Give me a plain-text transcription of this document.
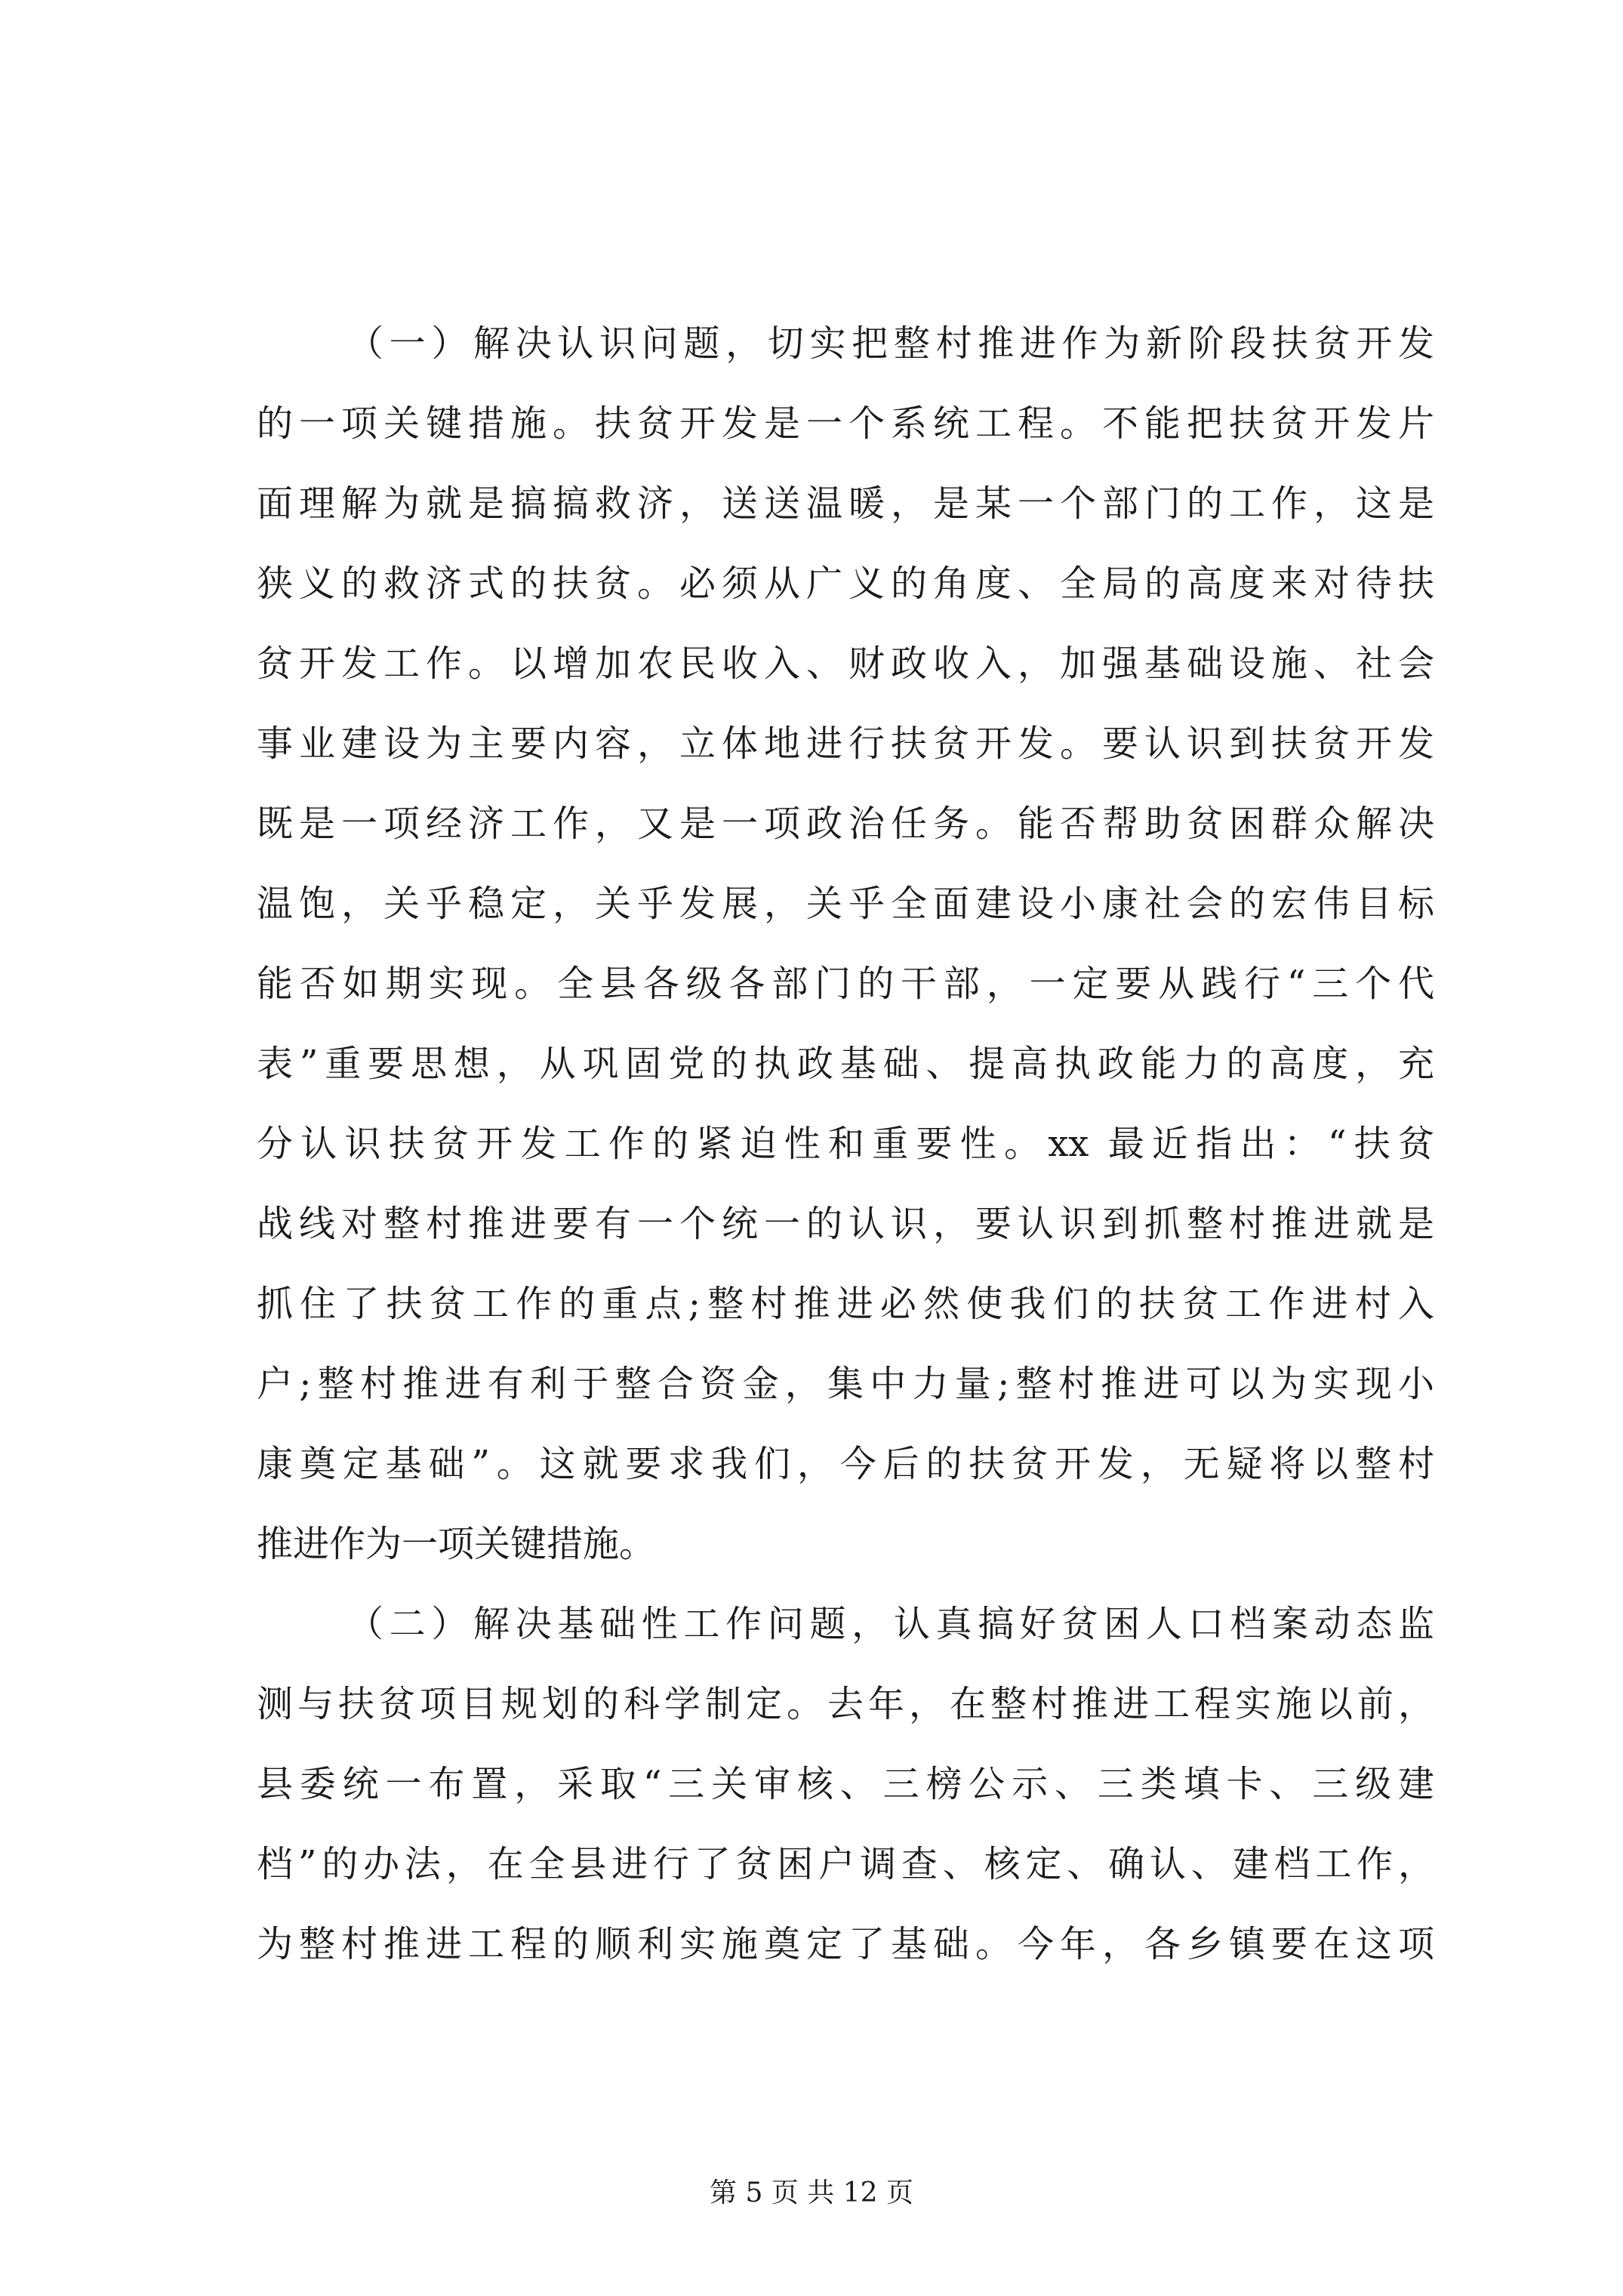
（一）解决认识问题，切实把整村推进作为新阶段扶贫开发
的一项关键措施。扶贫开发是一个系统工程。不能把扶贫开发片
面理解为就是搞搞救济，送送温暖，是某一个部门的工作，这是
狭义的救济式的扶贫。必须从广义的角度、全局的高度来对待扶
贫开发工作。以增加农民收入、财政收入，加强基础设施、社会
事业建设为主要内容，立体地进行扶贫开发。要认识到扶贫开发
既是一项经济工作，又是一项政治任务。能否帮助贫困群众解决
温饱，关乎稳定，关乎发展，关乎全面建设小康社会的宏伟目标
能否如期实现。全县各级各部门的干部，一定要从践行“三个代
表”重要思想，从巩固党的执政基础、提高执政能力的高度，充
分认识扶贫开发工作的紧迫性和重要性。xx 最近指出：“扶贫
战线对整村推进要有一个统一的认识，要认识到抓整村推进就是
抓住了扶贫工作的重点;整村推进必然使我们的扶贫工作进村入
户;整村推进有利于整合资金，集中力量;整村推进可以为实现小
康奠定基础”。这就要求我们，今后的扶贫开发，无疑将以整村
推进作为一项关键措施。
（二）解决基础性工作问题，认真搞好贫困人口档案动态监
测与扶贫项目规划的科学制定。去年，在整村推进工程实施以前，
县委统一布置，采取“三关审核、三榜公示、三类填卡、三级建
档”的办法，在全县进行了贫困户调查、核定、确认、建档工作，
为整村推进工程的顺利实施奠定了基础。今年，各乡镇要在这项
第 5 页 共 12 页
